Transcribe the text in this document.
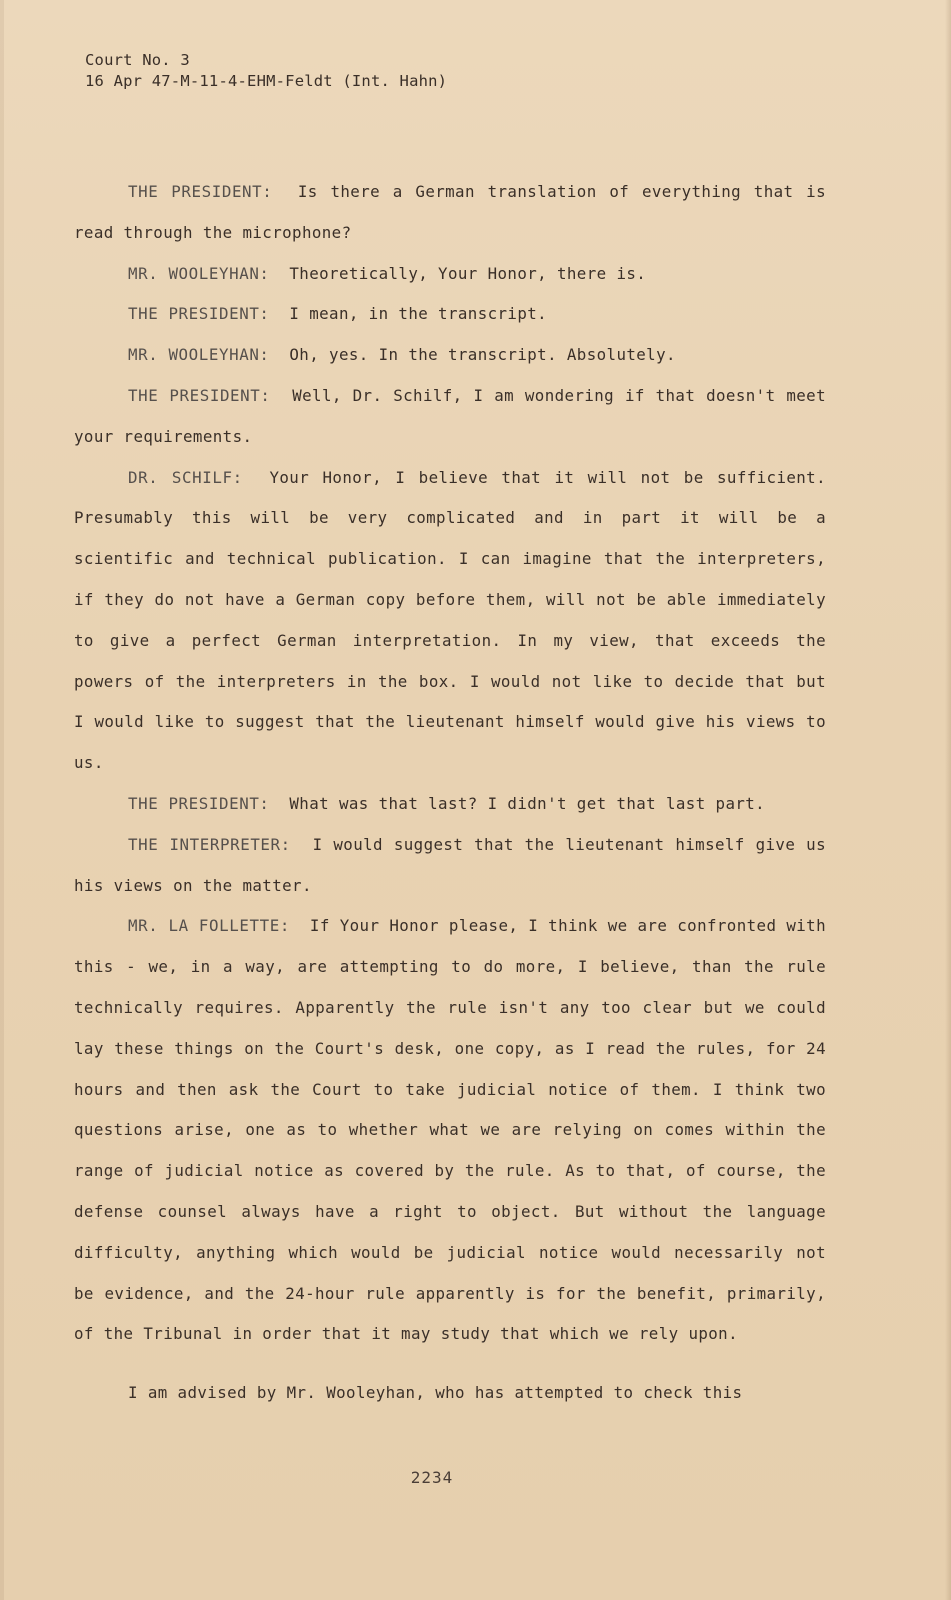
Court No. 3
16 Apr 47-M-11-4-EHM-Feldt (Int. Hahn)

THE PRESIDENT: Is there a German translation of everything that is read through the microphone?

MR. WOOLEYHAN: Theoretically, Your Honor, there is.

THE PRESIDENT: I mean, in the transcript.

MR. WOOLEYHAN: Oh, yes. In the transcript. Absolutely.

THE PRESIDENT: Well, Dr. Schilf, I am wondering if that doesn't meet your requirements.

DR. SCHILF: Your Honor, I believe that it will not be sufficient. Presumably this will be very complicated and in part it will be a scientific and technical publication. I can imagine that the interpreters, if they do not have a German copy before them, will not be able immediately to give a perfect German interpretation. In my view, that exceeds the powers of the interpreters in the box. I would not like to decide that but I would like to suggest that the lieutenant himself would give his views to us.

THE PRESIDENT: What was that last? I didn't get that last part.

THE INTERPRETER: I would suggest that the lieutenant himself give us his views on the matter.

MR. LA FOLLETTE: If Your Honor please, I think we are confronted with this - we, in a way, are attempting to do more, I believe, than the rule technically requires. Apparently the rule isn't any too clear but we could lay these things on the Court's desk, one copy, as I read the rules, for 24 hours and then ask the Court to take judicial notice of them. I think two questions arise, one as to whether what we are relying on comes within the range of judicial notice as covered by the rule. As to that, of course, the defense counsel always have a right to object. But without the language difficulty, anything which would be judicial notice would necessarily not be evidence, and the 24-hour rule apparently is for the benefit, primarily, of the Tribunal in order that it may study that which we rely upon.

I am advised by Mr. Wooleyhan, who has attempted to check this

2234
